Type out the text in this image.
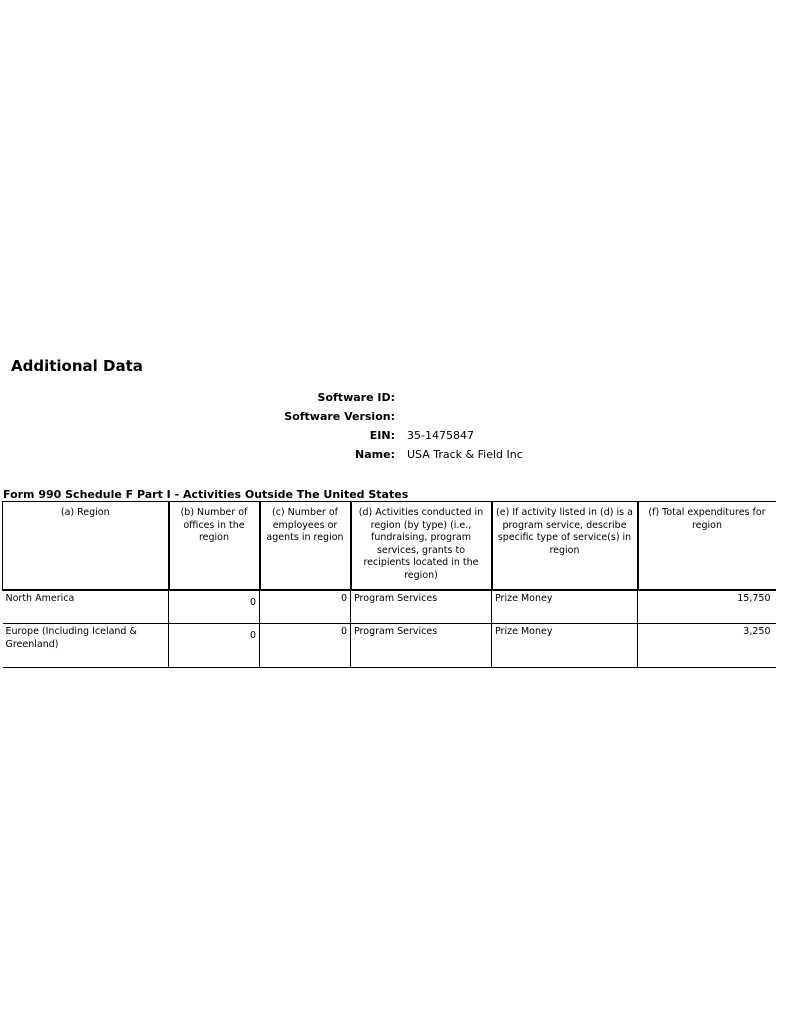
Additional Data
Software ID:
Software Version:
EIN:	35-1475847
Name:	USA Track & Field Inc
Form 990 Schedule F Part I - Activities Outside The United States
(a) Region	(b) Number of offices in the region	(c) Number of employees or agents in region	(d) Activities conducted in region (by type) (i.e., fundraising, program services, grants to recipients located in the region)	(e) If activity listed in (d) is a program service, describe specific type of service(s) in region	(f) Total expenditures for region
North America	0	0	Program Services	Prize Money	15,750
Europe (Including Iceland & Greenland)	0	0	Program Services	Prize Money	3,250
